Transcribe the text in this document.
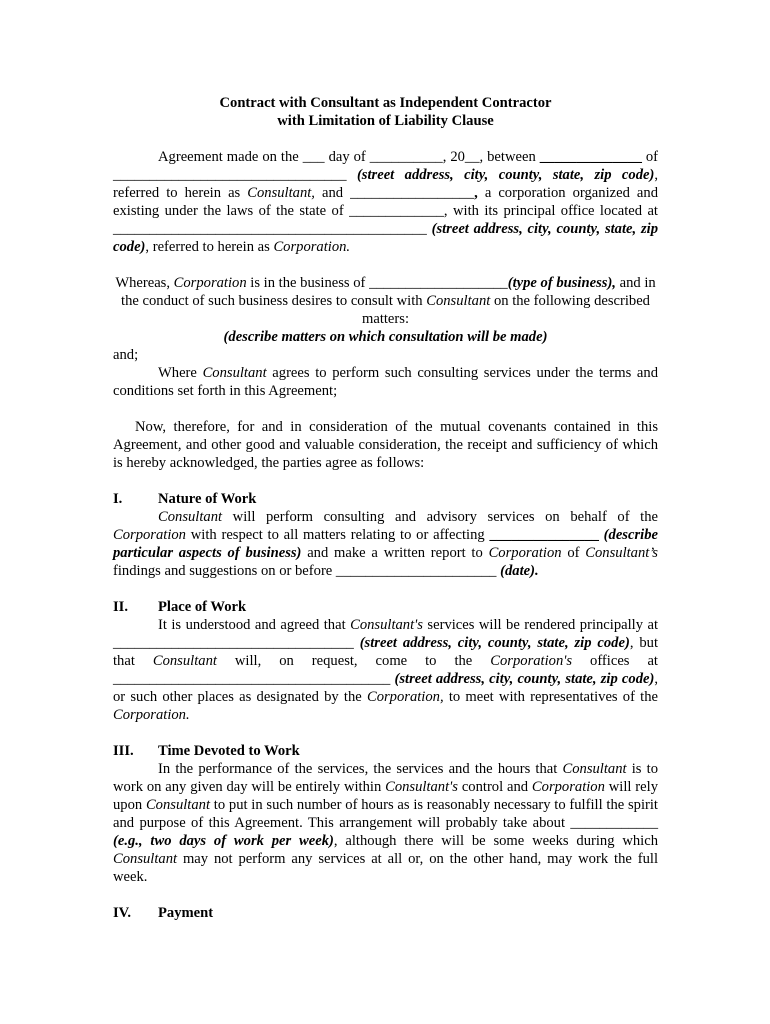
Contract with Consultant as Independent Contractor
with Limitation of Liability Clause

Agreement made on the ___ day of __________, 20__, between ______________ of ________________________________ (street address, city, county, state, zip code), referred to herein as Consultant, and _________________, a corporation organized and existing under the laws of the state of _____________, with its principal office located at ___________________________________________ (street address, city, county, state, zip code), referred to herein as Corporation.

Whereas, Corporation is in the business of ___________________(type of business), and in the conduct of such business desires to consult with Consultant on the following described matters:
(describe matters on which consultation will be made)

and;

Where Consultant agrees to perform such consulting services under the terms and conditions set forth in this Agreement;

Now, therefore, for and in consideration of the mutual covenants contained in this Agreement, and other good and valuable consideration, the receipt and sufficiency of which is hereby acknowledged, the parties agree as follows:

I. Nature of Work

Consultant will perform consulting and advisory services on behalf of the Corporation with respect to all matters relating to or affecting _______________ (describe particular aspects of business) and make a written report to Corporation of Consultant’s findings and suggestions on or before ______________________ (date).

II. Place of Work

It is understood and agreed that Consultant's services will be rendered principally at _________________________________ (street address, city, county, state, zip code), but that Consultant will, on request, come to the Corporation's offices at ______________________________________ (street address, city, county, state, zip code), or such other places as designated by the Corporation, to meet with representatives of the Corporation.

III. Time Devoted to Work

In the performance of the services, the services and the hours that Consultant is to work on any given day will be entirely within Consultant's control and Corporation will rely upon Consultant to put in such number of hours as is reasonably necessary to fulfill the spirit and purpose of this Agreement. This arrangement will probably take about ____________ (e.g., two days of work per week), although there will be some weeks during which Consultant may not perform any services at all or, on the other hand, may work the full week.

IV. Payment
